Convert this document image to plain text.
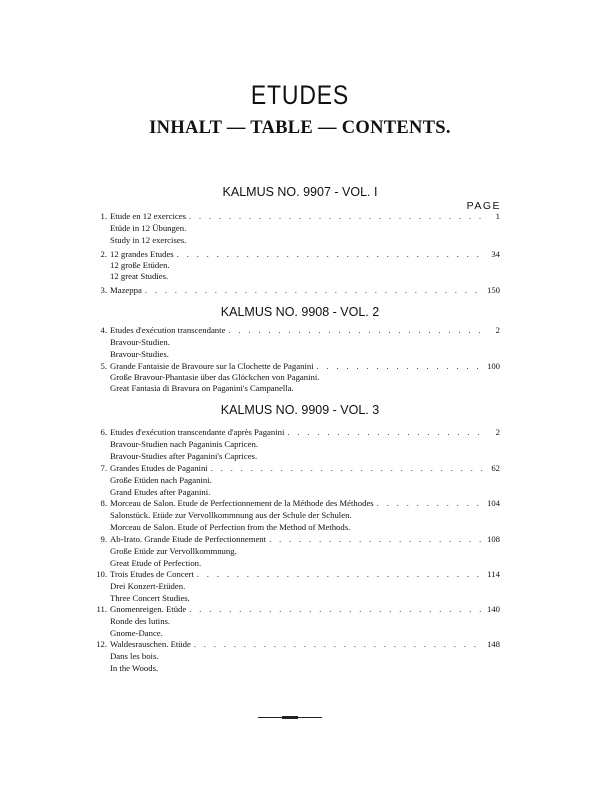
ETUDES
INHALT — TABLE — CONTENTS.
KALMUS NO. 9907 - VOL. I
PAGE
1. Etude en 12 exercices . . .	1
Etüde in 12 Übungen.
Study in 12 exercises.
2. 12 grandes Etudes . . .	34
12 große Etüden.
12 great Studies.
3. Mazeppa . . .	150
KALMUS NO. 9908 - VOL. 2
4. Etudes d'exécution transcendante . . .	2
Bravour-Studien.
Bravour-Studies.
5. Grande Fantaisie de Bravoure sur la Clochette de Paganini . . .	100
Große Bravour-Phantasie über das Glöckchen von Paganini.
Great Fantasia di Bravura on Paganini's Campanella.
KALMUS NO. 9909 - VOL. 3
6. Etudes d'exécution transcendante d'après Paganini . . .	2
Bravour-Studien nach Paganinis Capricen.
Bravour-Studies after Paganini's Caprices.
7. Grandes Etudes de Paganini . . .	62
Große Etüden nach Paganini.
Grand Etudes after Paganini.
8. Morceau de Salon. Etude de Perfectionnement de la Méthode des Méthodes . . .	104
Salonstück. Etüde zur Vervollkommnung aus der Schule der Schulen.
Morceau de Salon. Etude of Perfection from the Method of Methods.
9. Ab-Irato. Grande Etude de Perfectionnement . . .	108
Große Etüde zur Vervollkommnung.
Great Etude of Perfection.
10. Trois Etudes de Concert . . .	114
Drei Konzert-Etüden.
Three Concert Studies.
11. Gnomenreigen. Etüde . . .	140
Ronde des lutins.
Gnome-Dance.
12. Waldesrauschen. Etüde . . .	148
Dans les bois.
In the Woods.
